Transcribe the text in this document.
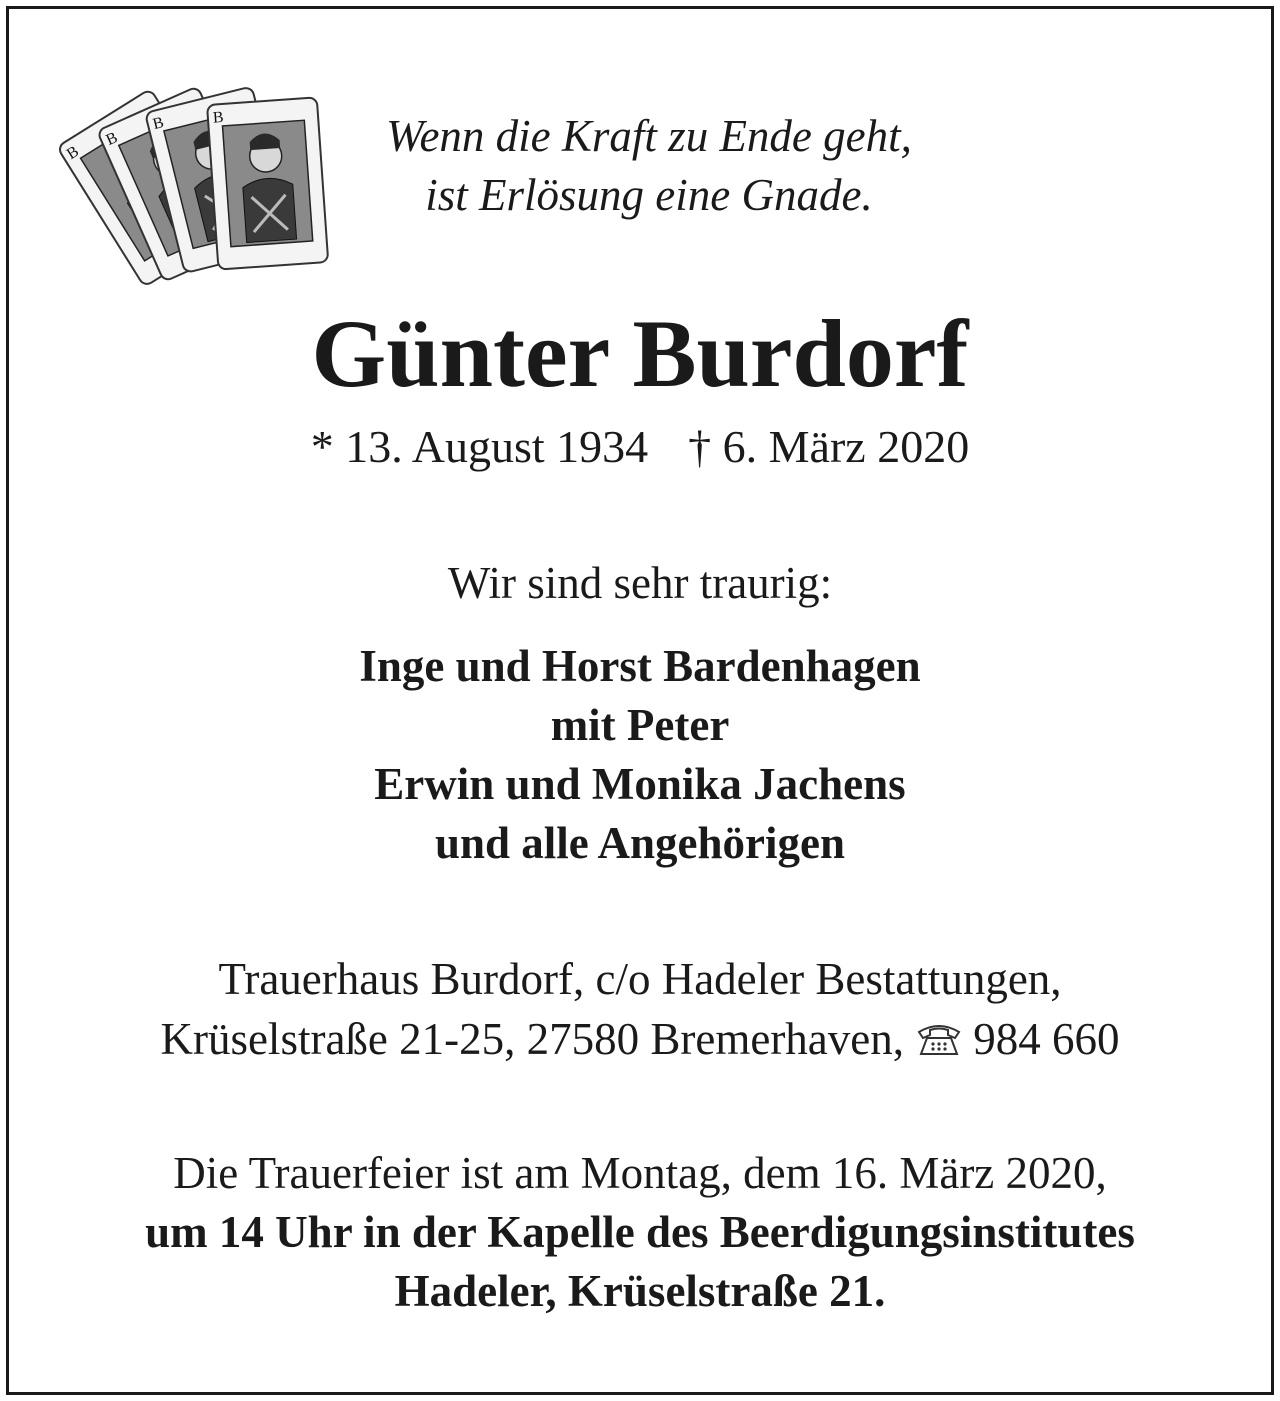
B
B
B	B	Wenn die Kraft zu Ende geht,
ist Erlösung eine Gnade.
Günter Burdorf
* 13. August 1934 † 6. März 2020
Wir sind sehr traurig:
Inge und Horst Bardenhagen
mit Peter
Erwin und Monika Jachens
und alle Angehörigen
Trauerhaus Burdorf, c/o Hadeler Bestattungen,
Krüselstraße 21-25, 27580 Bremerhaven, 984 660
Die Trauerfeier ist am Montag, dem 16. März 2020,
um 14 Uhr in der Kapelle des Beerdigungsinstitutes
Hadeler, Krüselstraße 21.
